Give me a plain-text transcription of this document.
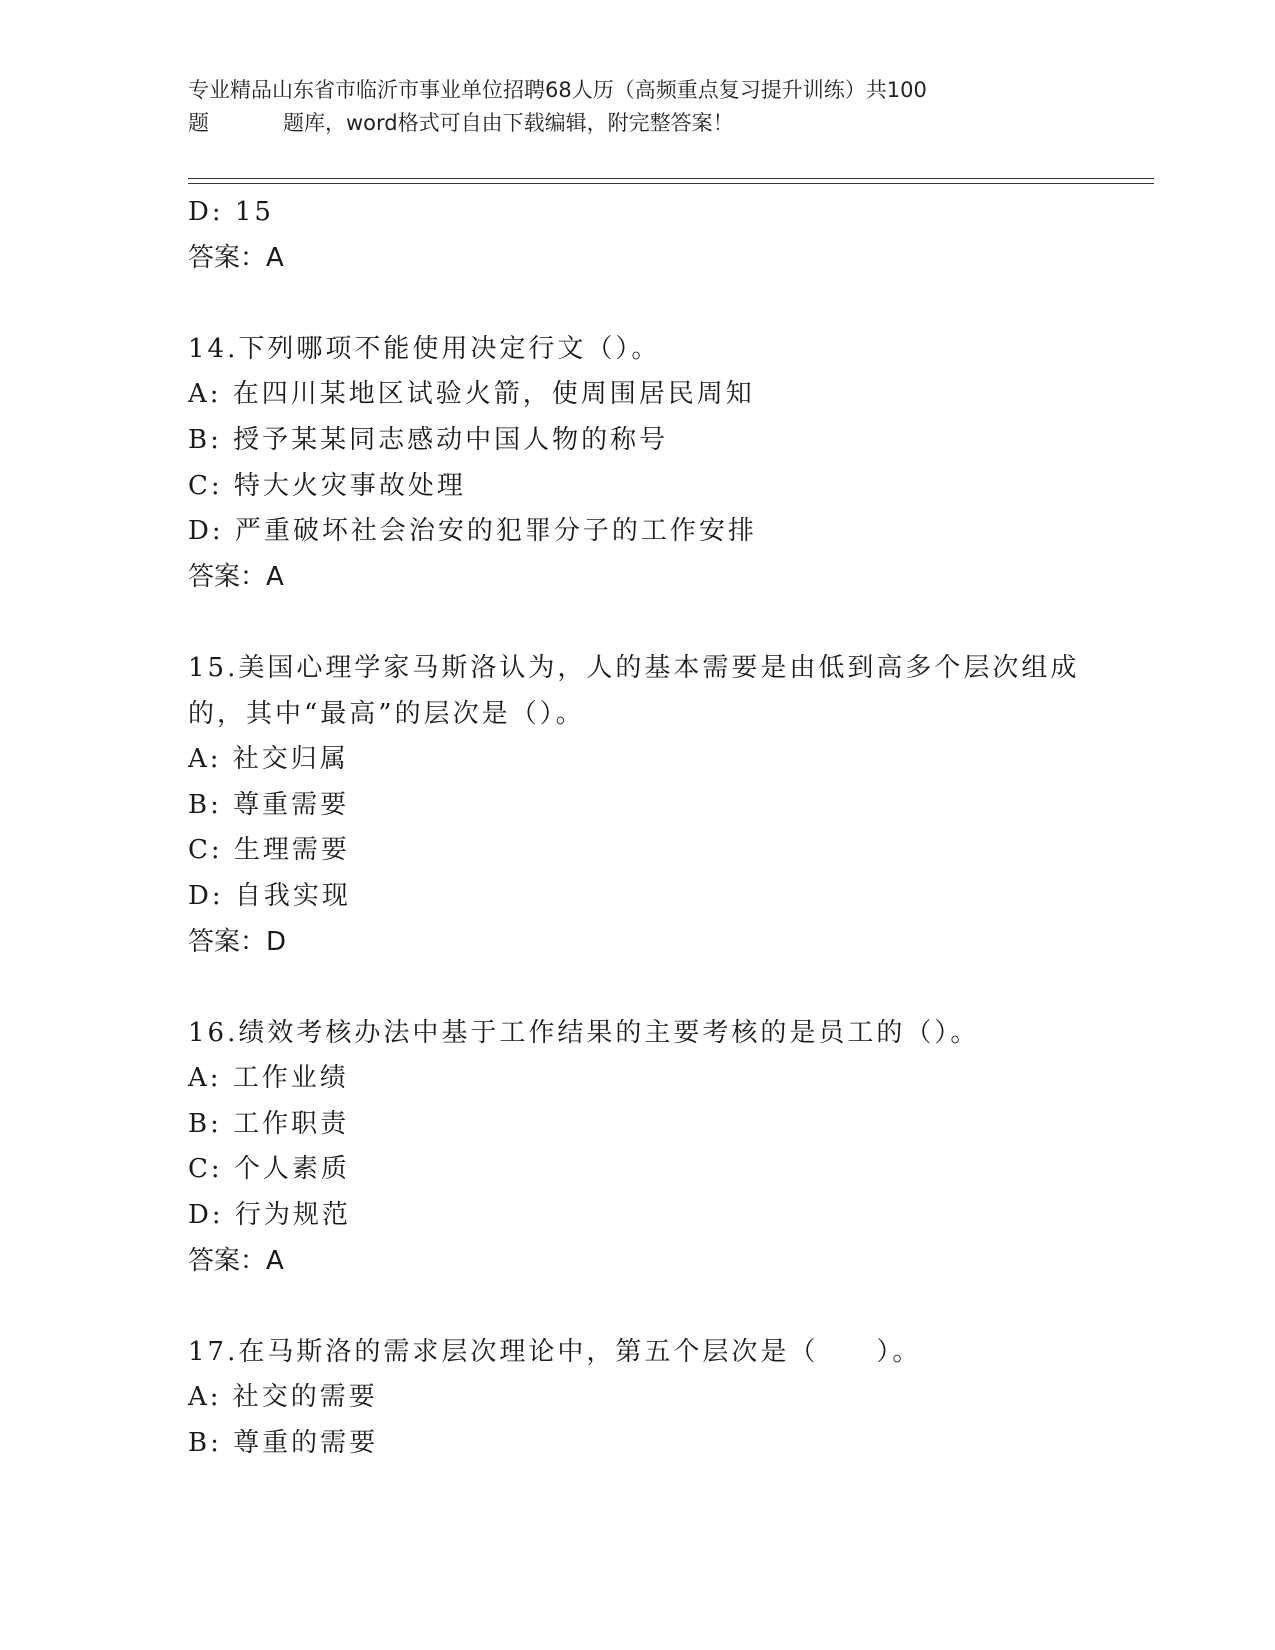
专业精品山东省市临沂市事业单位招聘68人历（高频重点复习提升训练）共100
题	题库，word格式可自由下载编辑，附完整答案！
D: 15
答案：A
14.下列哪项不能使用决定行文（）。
A: 在四川某地区试验火箭，使周围居民周知
B: 授予某某同志感动中国人物的称号
C: 特大火灾事故处理
D: 严重破坏社会治安的犯罪分子的工作安排
答案：A
15.美国心理学家马斯洛认为，人的基本需要是由低到高多个层次组成
的，其中“最高”的层次是（）。
A: 社交归属
B: 尊重需要
C: 生理需要
D: 自我实现
答案：D
16.绩效考核办法中基于工作结果的主要考核的是员工的（）。
A: 工作业绩
B: 工作职责
C: 个人素质
D: 行为规范
答案：A
17.在马斯洛的需求层次理论中，第五个层次是（　　）。
A: 社交的需要
B: 尊重的需要
